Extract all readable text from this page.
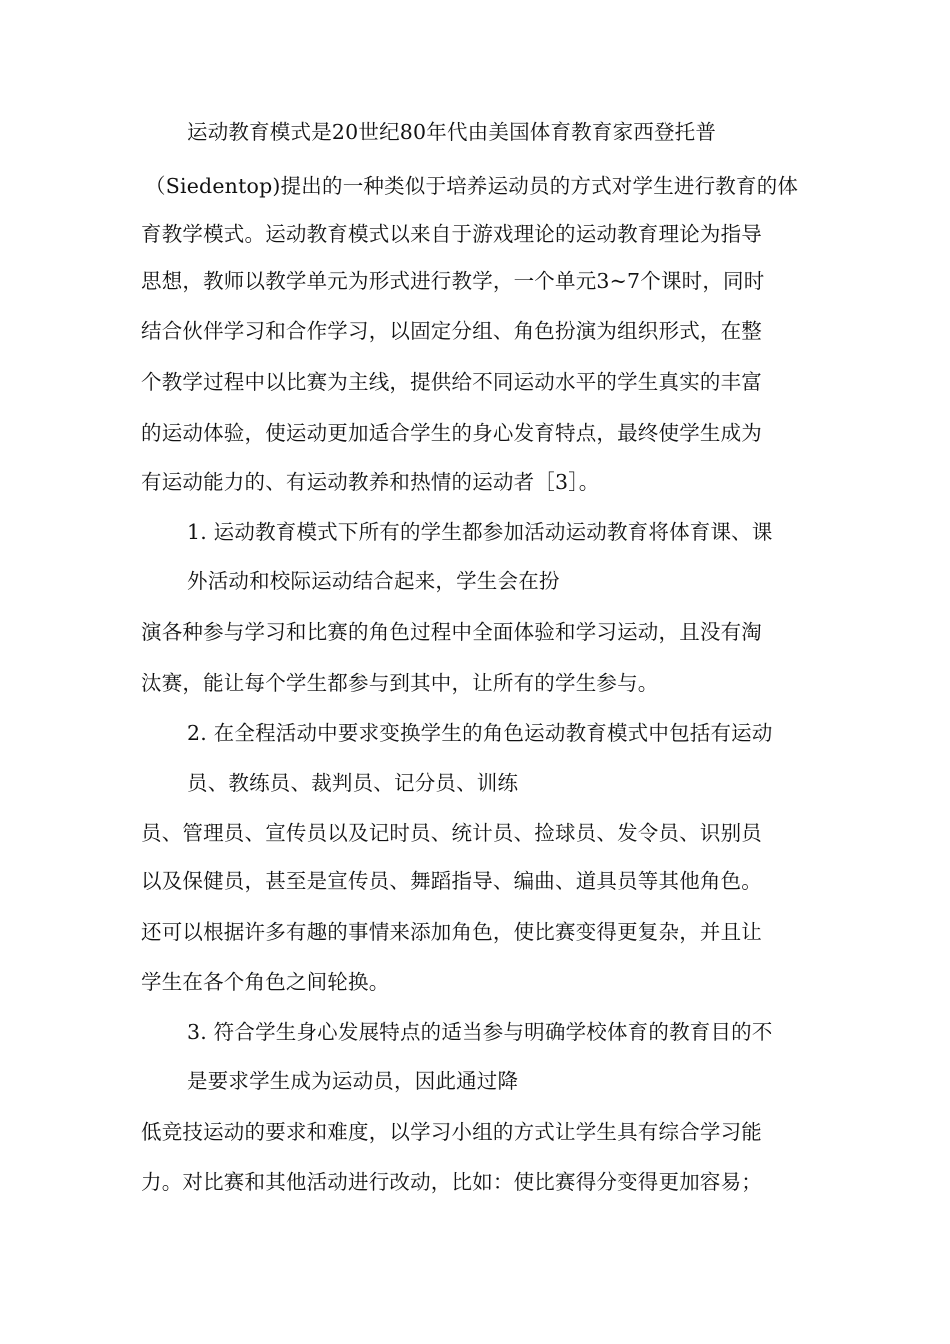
运动教育模式是20世纪80年代由美国体育教育家西登托普
（Siedentop)提出的一种类似于培养运动员的方式对学生进行教育的体
育教学模式。运动教育模式以来自于游戏理论的运动教育理论为指导
思想，教师以教学单元为形式进行教学，一个单元3~7个课时，同时
结合伙伴学习和合作学习，以固定分组、角色扮演为组织形式，在整
个教学过程中以比赛为主线，提供给不同运动水平的学生真实的丰富
的运动体验，使运动更加适合学生的身心发育特点，最终使学生成为
有运动能力的、有运动教养和热情的运动者［3］。
1. 运动教育模式下所有的学生都参加活动运动教育将体育课、课
外活动和校际运动结合起来，学生会在扮
演各种参与学习和比赛的角色过程中全面体验和学习运动，且没有淘
汰赛，能让每个学生都参与到其中，让所有的学生参与。
2. 在全程活动中要求变换学生的角色运动教育模式中包括有运动
员、教练员、裁判员、记分员、训练
员、管理员、宣传员以及记时员、统计员、捡球员、发令员、识别员
以及保健员，甚至是宣传员、舞蹈指导、编曲、道具员等其他角色。
还可以根据许多有趣的事情来添加角色，使比赛变得更复杂，并且让
学生在各个角色之间轮换。
3. 符合学生身心发展特点的适当参与明确学校体育的教育目的不
是要求学生成为运动员，因此通过降
低竞技运动的要求和难度，以学习小组的方式让学生具有综合学习能
力。对比赛和其他活动进行改动，比如：使比赛得分变得更加容易；
